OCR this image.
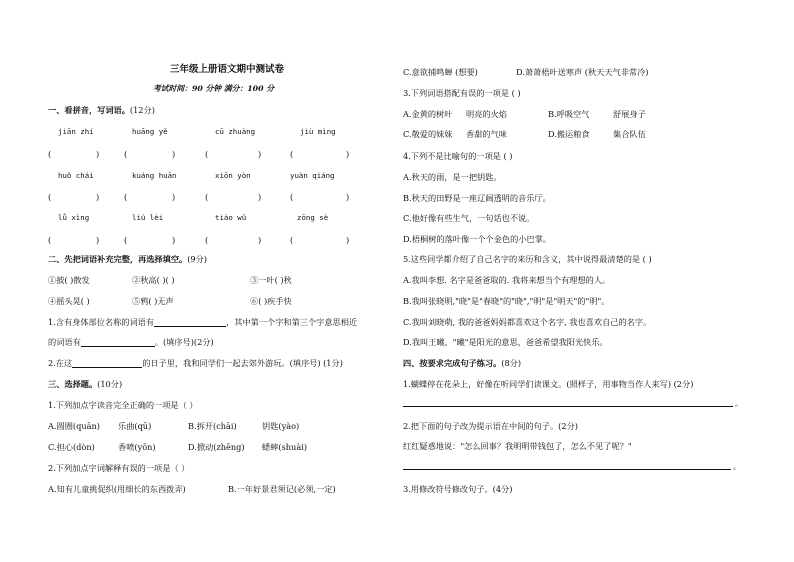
三年级上册语文期中测试卷
考试时间：90 分钟 满分：100 分
一、看拼音，写词语。(12分)
jiān zhí	huāng yě	cū zhuàng	jiù mìng
(	)	(	)	(	)	(	)
huǒ chái	kuáng huān	xiōn yòn	yuàn qiáng
(	)	(	)	(	)	(	)
lǜ xìng	liú lèi	tiào wǔ	zōng sè
(	)	(	)	(	)	(	)
二、先把词语补充完整，再选择填空。(9分)
①披( )散发	②秋高( )( )	③一叶( )秋
④摇头晃( )	⑤鸦( )无声	⑥( )疾手快
1.含有身体部位名称的词语有	，其中第一个字和第三个字意思相近
的词语有	。(填序号)(2分)
2.在这	的日子里，我和同学们一起去郊外游玩。(填序号) (1分)
三、选择题。(10分)
1.下列加点字读音完全正确的一项是（ ）
A.圆圈(quān) 乐曲(qū)	B.拆开(chāi)	钥匙(yào)
C.担心(dòn)	香喷(yōn)	D.掀动(zhēng) 蟋蟀(shuài)
2.下列加点字词解释有误的一项是（ ）
A.知有儿童挑促织(用细长的东西拨弄)	B.一年好景君须记(必须,一定)
C.意欲捕鸣蝉 (想要)	D.萧萧梧叶送寒声 (秋天天气非常冷)
3.下列词语搭配有误的一项是 ( )
A.金黄的树叶 明亮的火焰	B.呼吸空气	舒展身子
C.敬爱的妹妹 香甜的气味	D.搬运粮食	集合队伍
4.下列不是比喻句的一项是 ( )
A.秋天的雨，是一把钥匙。
B.秋天的田野是一座辽阔透明的音乐厅。
C.他好像有些生气，一句话也不说。
D.梧桐树的落叶像一个个金色的小巴掌。
5.这些同学都介绍了自己名字的来历和含义，其中说得最清楚的是 ( )
A.我叫李想. 名字是爸爸取的. 我将来想当个有理想的人。
B.我叫张晓明,"晓"是"春晓"的"晓","明"是"明天"的"明"。
C.我叫刘晓萌, 我的爸爸妈妈都喜欢这个名字, 我也喜欢自己的名字。
D.我叫王曦，"曦"是阳光的意思，爸爸希望我阳光快乐。
四、按要求完成句子练习。(8分)
1.蝴蝶停在花朵上，好像在听同学们读课文。(照样子，用事物当作人来写) (2分)
。
2.把下面的句子改为提示语在中间的句子。(2分)
红红疑惑地说："怎么回事？我明明带钱包了，怎么不见了呢？"
。
3.用修改符号修改句子。(4分)
